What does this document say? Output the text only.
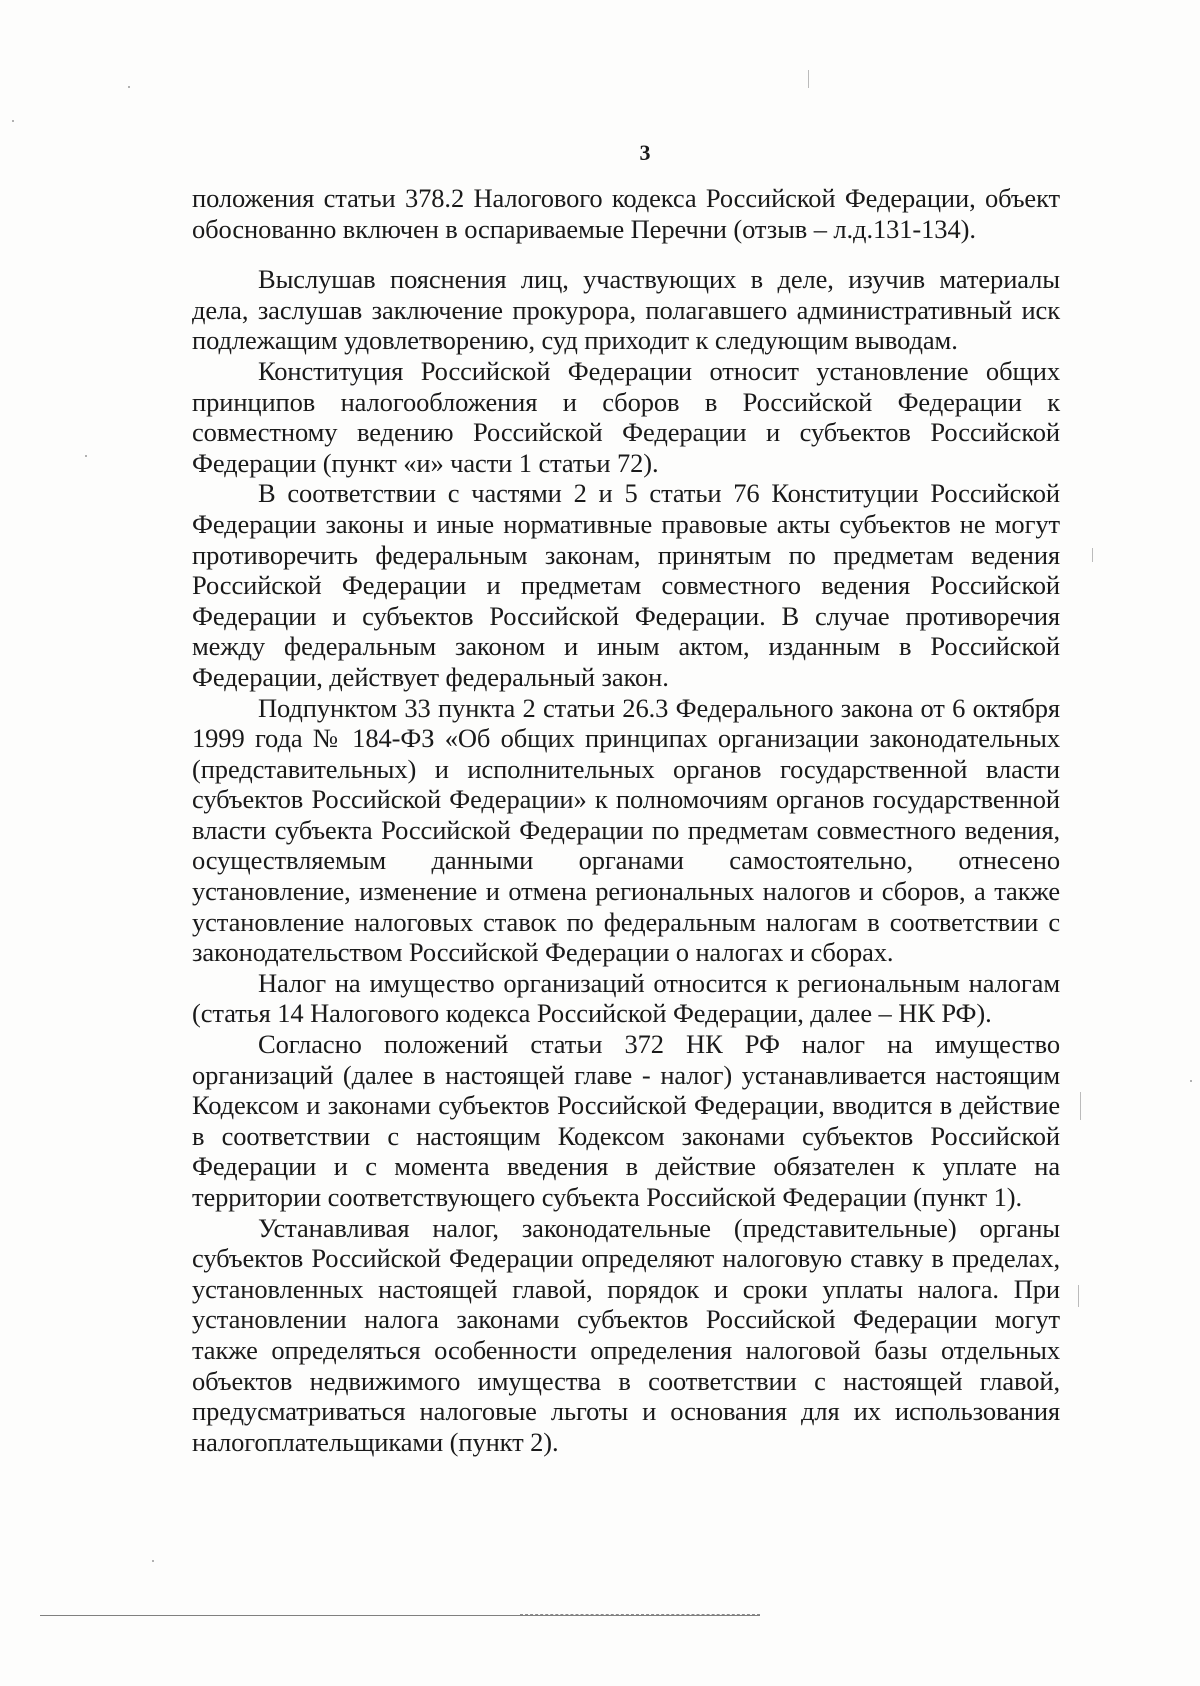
3

положения статьи 378.2 Налогового кодекса Российской Федерации, объект обоснованно включен в оспариваемые Перечни (отзыв – л.д.131-134).

Выслушав пояснения лиц, участвующих в деле, изучив материалы дела, заслушав заключение прокурора, полагавшего административный иск подлежащим удовлетворению, суд приходит к следующим выводам.

Конституция Российской Федерации относит установление общих принципов налогообложения и сборов в Российской Федерации к совместному ведению Российской Федерации и субъектов Российской Федерации (пункт «и» части 1 статьи 72).

В соответствии с частями 2 и 5 статьи 76 Конституции Российской Федерации законы и иные нормативные правовые акты субъектов не могут противоречить федеральным законам, принятым по предметам ведения Российской Федерации и предметам совместного ведения Российской Федерации и субъектов Российской Федерации. В случае противоречия между федеральным законом и иным актом, изданным в Российской Федерации, действует федеральный закон.

Подпунктом 33 пункта 2 статьи 26.3 Федерального закона от 6 октября 1999 года № 184-ФЗ «Об общих принципах организации законодательных (представительных) и исполнительных органов государственной власти субъектов Российской Федерации» к полномочиям органов государственной власти субъекта Российской Федерации по предметам совместного ведения, осуществляемым данными органами самостоятельно, отнесено установление, изменение и отмена региональных налогов и сборов, а также установление налоговых ставок по федеральным налогам в соответствии с законодательством Российской Федерации о налогах и сборах.

Налог на имущество организаций относится к региональным налогам (статья 14 Налогового кодекса Российской Федерации, далее – НК РФ).

Согласно положений статьи 372 НК РФ налог на имущество организаций (далее в настоящей главе - налог) устанавливается настоящим Кодексом и законами субъектов Российской Федерации, вводится в действие в соответствии с настоящим Кодексом законами субъектов Российской Федерации и с момента введения в действие обязателен к уплате на территории соответствующего субъекта Российской Федерации (пункт 1).

Устанавливая налог, законодательные (представительные) органы субъектов Российской Федерации определяют налоговую ставку в пределах, установленных настоящей главой, порядок и сроки уплаты налога. При установлении налога законами субъектов Российской Федерации могут также определяться особенности определения налоговой базы отдельных объектов недвижимого имущества в соответствии с настоящей главой, предусматриваться налоговые льготы и основания для их использования налогоплательщиками (пункт 2).
